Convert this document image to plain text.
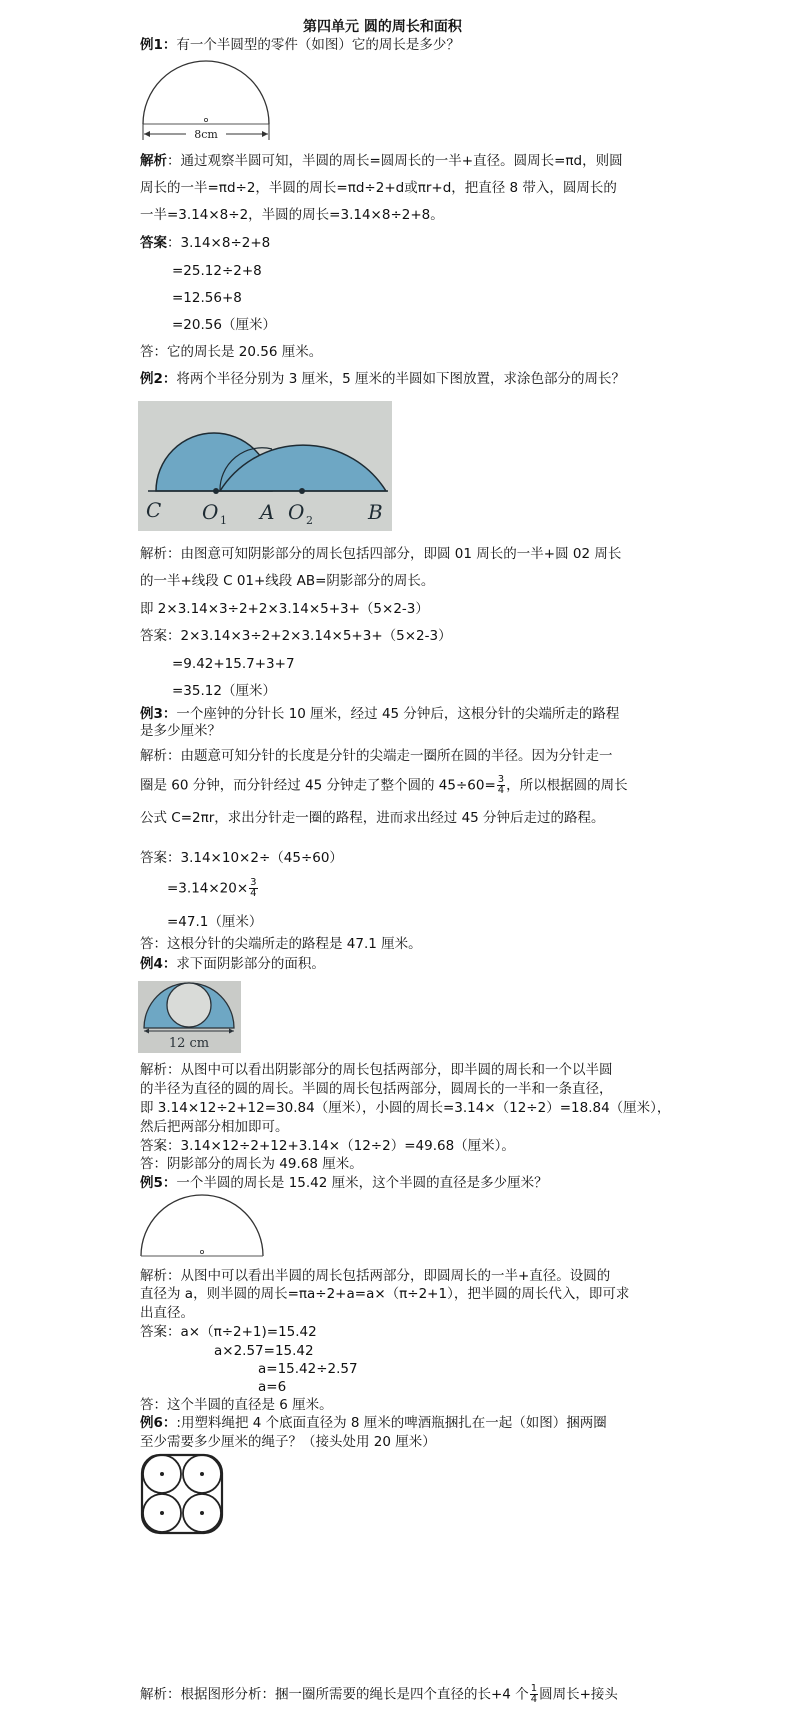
第四单元 圆的周长和面积
例1：有一个半圆型的零件（如图）它的周长是多少？
8cm
解析：通过观察半圆可知，半圆的周长=圆周长的一半+直径。圆周长=πd，则圆
周长的一半=πd÷2，半圆的周长=πd÷2+d或πr+d，把直径 8 带入，圆周长的
一半=3.14×8÷2，半圆的周长=3.14×8÷2+8。
答案：3.14×8÷2+8
=25.12÷2+8
=12.56+8
=20.56（厘米）
答：它的周长是 20.56 厘米。
例2：将两个半径分别为 3 厘米，5 厘米的半圆如下图放置，求涂色部分的周长？
C O 1 A O 2	B
解析：由图意可知阴影部分的周长包括四部分，即圆 01 周长的一半+圆 02 周长
的一半+线段 C 01+线段 AB=阴影部分的周长。
即 2×3.14×3÷2+2×3.14×5+3+（5×2-3）
答案：2×3.14×3÷2+2×3.14×5+3+（5×2-3）
=9.42+15.7+3+7
=35.12（厘米）
例3：一个座钟的分针长 10 厘米，经过 45 分钟后，这根分针的尖端所走的路程
是多少厘米？
解析：由题意可知分针的长度是分针的尖端走一圈所在圆的半径。因为分针走一
圈是 60 分钟，而分针经过 45 分钟走了整个圆的 $45\div 60= \frac{3}{4}$ ，所以根据圆的周长
公式 C=2πr，求出分针走一圈的路程，进而求出经过 45 分钟后走过的路程。
答案：3.14×10×2÷（45÷60）
$=3.14\times 20\times \frac{3}{4}$
=47.1（厘米）
答：这根分针的尖端所走的路程是 47.1 厘米。
例4：求下面阴影部分的面积。
12 cm
解析：从图中可以看出阴影部分的周长包括两部分，即半圆的周长和一个以半圆
的半径为直径的圆的周长。半圆的周长包括两部分，圆周长的一半和一条直径，
即 3.14×12÷2+12=30.84（厘米），小圆的周长=3.14×（12÷2）=18.84（厘米），
然后把两部分相加即可。
答案：3.14×12÷2+12+3.14×（12÷2）=49.68（厘米）。
答：阴影部分的周长为 49.68 厘米。
例5：一个半圆的周长是 15.42 厘米，这个半圆的直径是多少厘米？
解析：从图中可以看出半圆的周长包括两部分，即圆周长的一半+直径。设圆的
直径为 a，则半圆的周长=πa÷2+a=a×（π÷2+1），把半圆的周长代入，即可求
出直径。
答案：a×（π÷2+1)=15.42
a×2.57=15.42
a=15.42÷2.57
a=6
答：这个半圆的直径是 6 厘米。
例6：:用塑料绳把 4 个底面直径为 8 厘米的啤酒瓶捆扎在一起（如图）捆两圈
至少需要多少厘米的绳子？（接头处用 20 厘米）
解析：根据图形分析：捆一圈所需要的绳长是四个直径的长+4 个 $\frac{1}{4}$ 圆周长+接头
